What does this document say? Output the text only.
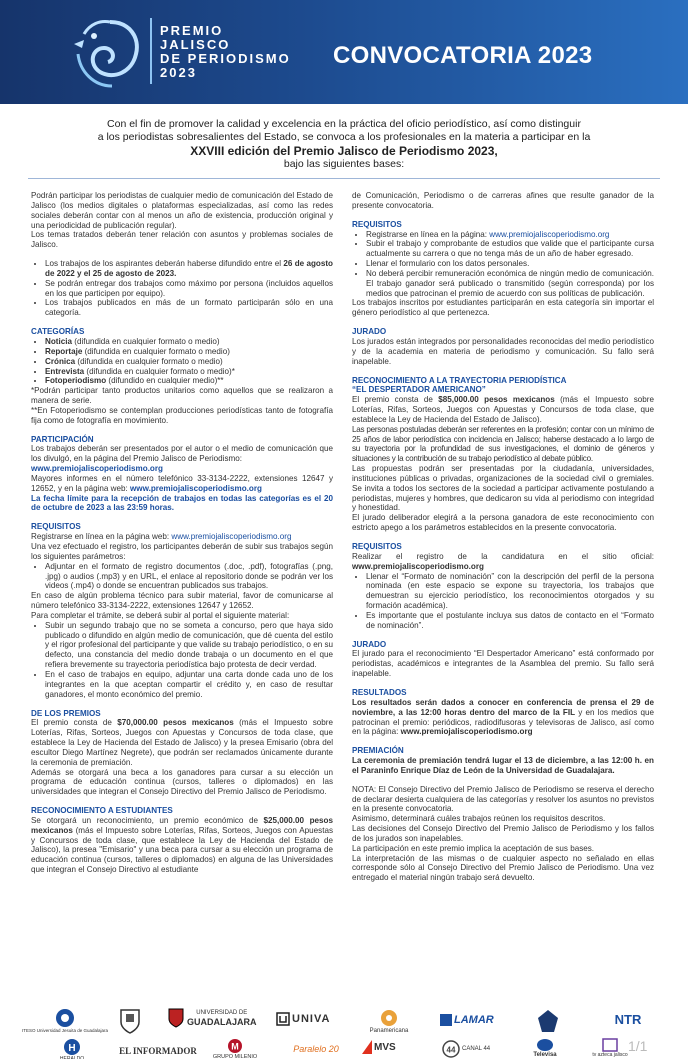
PREMIO
JALISCO
DE PERIODISMO
2023
CONVOCATORIA 2023
Con el fin de promover la calidad y excelencia en la práctica del oficio periodístico, así como distinguir
a los periodistas sobresalientes del Estado, se convoca a los profesionales en la materia a participar en la
XXVIII edición del Premio Jalisco de Periodismo 2023,
bajo las siguientes bases:

Podrán participar los periodistas de cualquier medio de comunicación del Estado de Jalisco (los medios digitales o plataformas especializadas, así como las redes sociales deberán contar con al menos un año de existencia, producción original y una periodicidad de publicación regular).

Los temas tratados deberán tener relación con asuntos y problemas sociales de Jalisco.

• Los trabajos de los aspirantes deberán haberse difundido entre el 26 de agosto de 2022 y el 25 de agosto de 2023.
• Se podrán entregar dos trabajos como máximo por persona (incluidos aquellos en los que participen por equipo).
• Los trabajos publicados en más de un formato participarán sólo en una categoría.
CATEGORÍAS
• Noticia (difundida en cualquier formato o medio)
• Reportaje (difundida en cualquier formato o medio)
• Crónica (difundida en cualquier formato o medio)
• Entrevista (difundida en cualquier formato o medio)*
• Fotoperiodismo (difundido en cualquier medio)**

*Podrán participar tanto productos unitarios como aquellos que se realizaron a manera de serie.

**En Fotoperiodismo se contemplan producciones periodísticas tanto de fotografía fija como de fotografía en movimiento.

PARTICIPACIÓN

Los trabajos deberán ser presentados por el autor o el medio de comunicación que los divulgó, en la página del Premio Jalisco de Periodismo:

www.premiojaliscoperiodismo.org

Mayores informes en el número telefónico 33-3134-2222, extensiones 12647 y 12652, y en la página web: www.premiojaliscoperiodismo.org

La fecha límite para la recepción de trabajos en todas las categorías es el 20 de octubre de 2023 a las 23:59 horas.

REQUISITOS

Registrarse en línea en la página web: www.premiojaliscoperiodismo.org

Una vez efectuado el registro, los participantes deberán de subir sus trabajos según los siguientes parámetros:

• Adjuntar en el formato de registro documentos (.doc, .pdf), fotografías (.png, .jpg) o audios (.mp3) y en URL, el enlace al repositorio donde se podrán ver los videos (.mp4) o donde se encuentran publicados sus trabajos.

En caso de algún problema técnico para subir material, favor de comunicarse al número telefónico 33-3134-2222, extensiones 12647 y 12652.

Para completar el trámite, se deberá subir al portal el siguiente material:

• Subir un segundo trabajo que no se someta a concurso, pero que haya sido publicado o difundido en algún medio de comunicación, que dé cuenta del estilo y el rigor profesional del participante y que valide su trabajo periodístico, o en su defecto, una constancia del medio donde trabaja o un documento en el que refiera brevemente su trayectoria periodística bajo protesta de decir verdad.
• En el caso de trabajos en equipo, adjuntar una carta donde cada uno de los integrantes en la que aceptan compartir el crédito y, en caso de resultar ganadores, el monto económico del premio.
DE LOS PREMIOS

El premio consta de $70,000.00 pesos mexicanos (más el Impuesto sobre Loterías, Rifas, Sorteos, Juegos con Apuestas y Concursos de toda clase, que establece la Ley de Hacienda del Estado de Jalisco) y la presea Emisario (obra del escultor Diego Martínez Negrete), que podrán ser reclamados únicamente durante la ceremonia de premiación.

Además se otorgará una beca a los ganadores para cursar a su elección un programa de educación continua (cursos, talleres o diplomados) en las universidades que integran el Consejo Directivo del Premio Jalisco de Periodismo.

RECONOCIMIENTO A ESTUDIANTES

Se otorgará un reconocimiento, un premio económico de $25,000.00 pesos mexicanos (más el Impuesto sobre Loterías, Rifas, Sorteos, Juegos con Apuestas y Concursos de toda clase, que establece la Ley de Hacienda del Estado de Jalisco), la presea "Emisario" y una beca para cursar a su elección un programa de educación continua (cursos, talleres o diplomados) en alguna de las Universidades que integran el Consejo Directivo al estudiante

de Comunicación, Periodismo o de carreras afines que resulte ganador de la presente convocatoria.

REQUISITOS
• Registrarse en línea en la página: www.premiojaliscoperiodismo.org
• Subir el trabajo y comprobante de estudios que valide que el participante cursa actualmente su carrera o que no tenga más de un año de haber egresado.
• Llenar el formulario con los datos personales.
• No deberá percibir remuneración económica de ningún medio de comunicación. El trabajo ganador será publicado o transmitido (según corresponda) por los medios que patrocinan el premio de acuerdo con sus políticas de publicación.

Los trabajos inscritos por estudiantes participarán en esta categoría sin importar el género periodístico al que pertenezca.

JURADO

Los jurados están integrados por personalidades reconocidas del medio periodístico y de la academia en materia de periodismo y comunicación. Su fallo será inapelable.

RECONOCIMIENTO A LA TRAYECTORIA PERIODÍSTICA
“EL DESPERTADOR AMERICANO”

El premio consta de $85,000.00 pesos mexicanos (más el Impuesto sobre Loterías, Rifas, Sorteos, Juegos con Apuestas y Concursos de toda clase, que establece la Ley de Hacienda del Estado de Jalisco).

Las personas postuladas deberán ser referentes en la profesión; contar con un mínimo de 25 años de labor periodística con incidencia en Jalisco; haberse destacado a lo largo de su trayectoria por la profundidad de sus investigaciones, el dominio de géneros y situaciones y la contribución de su trabajo periodístico al debate público.

Las propuestas podrán ser presentadas por la ciudadanía, universidades, instituciones públicas o privadas, organizaciones de la sociedad civil o gremiales. Se invita a todos los sectores de la sociedad a participar activamente postulando a periodistas, mujeres y hombres, que dedicaron su vida al periodismo con integridad y honestidad.

El jurado deliberador elegirá a la persona ganadora de este reconocimiento con estricto apego a los parámetros establecidos en la presente convocatoria.

REQUISITOS

Realizar el registro de la candidatura en el sitio oficial: www.premiojaliscoperiodismo.org

• Llenar el “Formato de nominación” con la descripción del perfil de la persona nominada (en este espacio se expone su trayectoria, los trabajos que demuestran su ejercicio periodístico, los reconocimientos otorgados y su formación académica).
• Es importante que el postulante incluya sus datos de contacto en el “Formato de nominación”.
JURADO

El jurado para el reconocimiento “El Despertador Americano” está conformado por periodistas, académicos e integrantes de la Asamblea del premio. Su fallo será inapelable.

RESULTADOS

Los resultados serán dados a conocer en conferencia de prensa el 29 de noviembre, a las 12:00 horas dentro del marco de la FIL y en los medios que patrocinan el premio: periódicos, radiodifusoras y televisoras de Jalisco, así como en la página: www.premiojaliscoperiodismo.org

PREMIACIÓN

La ceremonia de premiación tendrá lugar el 13 de diciembre, a las 12:00 h. en el Paraninfo Enrique Díaz de León de la Universidad de Guadalajara.

NOTA: El Consejo Directivo del Premio Jalisco de Periodismo se reserva el derecho de declarar desierta cualquiera de las categorías y resolver los asuntos no previstos en la presente convocatoria.

Asimismo, determinará cuáles trabajos reúnen los requisitos descritos.

Las decisiones del Consejo Directivo del Premio Jalisco de Periodismo y los fallos de los jurados son inapelables.

La participación en este premio implica la aceptación de sus bases.

La interpretación de las mismas o de cualquier aspecto no señalado en ellas corresponde sólo al Consejo Directivo del Premio Jalisco de Periodismo. Una vez entregado el material ningún trabajo será devuelto.

ITESO Universidad Jesuita de Guadalajara
UNIVERSIDAD DE
GUADALAJARA	UNIVA
Panamericana
LAMAR	NTR
H
HERALDO
EL INFORMADOR	M
GRUPO MILENIO
Paralelo 20	MVS	44 CANAL 44
Televisa	tv azteca jalisco
1/1
